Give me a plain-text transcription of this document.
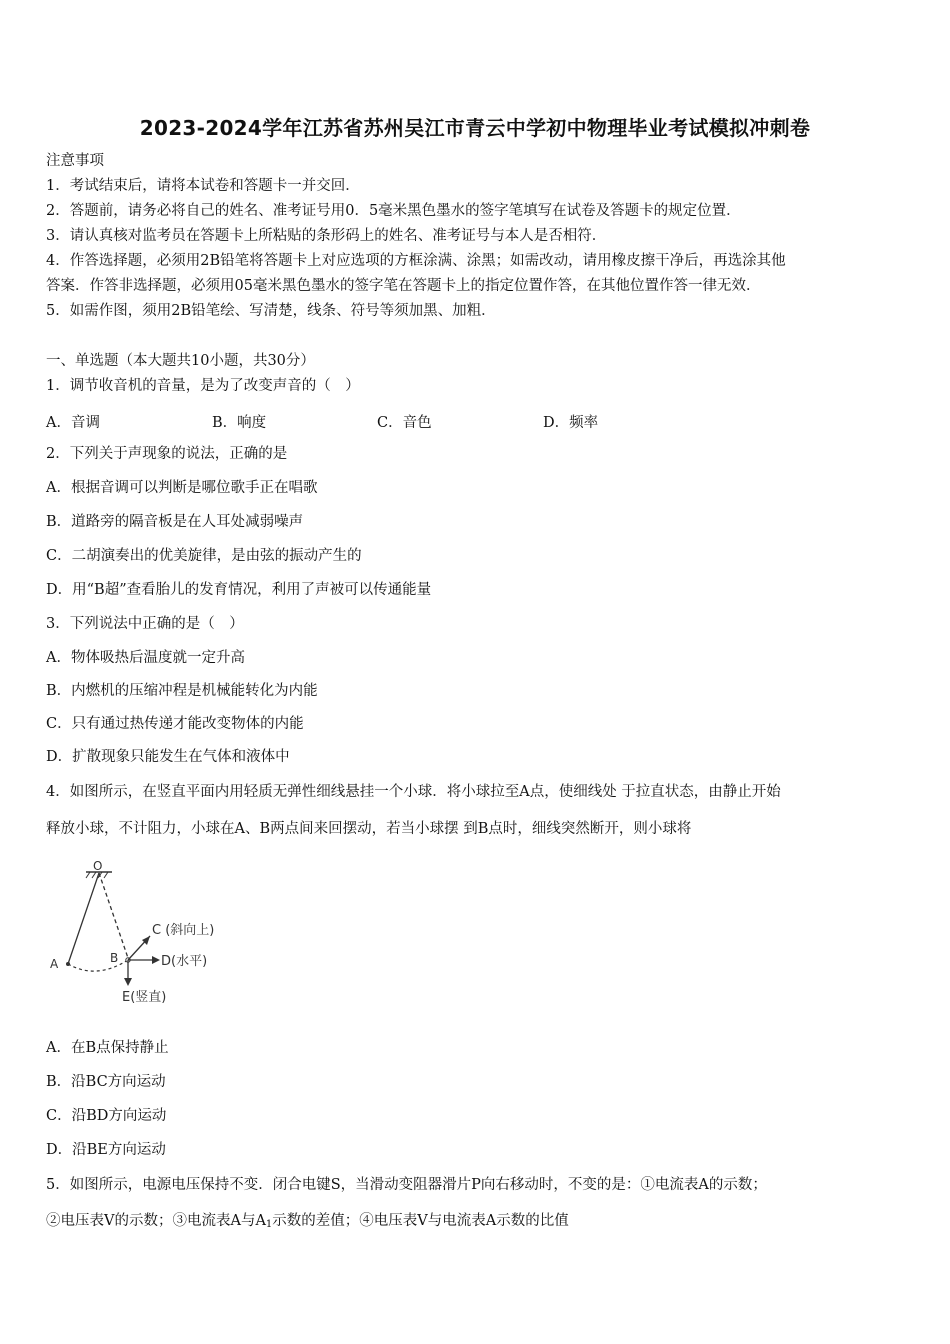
2023-2024学年江苏省苏州吴江市青云中学初中物理毕业考试模拟冲刺卷
注意事项
1．考试结束后，请将本试卷和答题卡一并交回．
2．答题前，请务必将自己的姓名、准考证号用0．5毫米黑色墨水的签字笔填写在试卷及答题卡的规定位置．
3．请认真核对监考员在答题卡上所粘贴的条形码上的姓名、准考证号与本人是否相符．
4．作答选择题，必须用2B铅笔将答题卡上对应选项的方框涂满、涂黑；如需改动，请用橡皮擦干净后，再选涂其他
答案．作答非选择题，必须用05毫米黑色墨水的签字笔在答题卡上的指定位置作答，在其他位置作答一律无效．
5．如需作图，须用2B铅笔绘、写清楚，线条、符号等须加黑、加粗．
一、单选题（本大题共10小题，共30分）
1．调节收音机的音量，是为了改变声音的（　）
A．音调	B．响度	C．音色	D．频率
2．下列关于声现象的说法，正确的是
A．根据音调可以判断是哪位歌手正在唱歌
B．道路旁的隔音板是在人耳处减弱噪声
C．二胡演奏出的优美旋律，是由弦的振动产生的
D．用“B超”查看胎儿的发育情况，利用了声被可以传通能量
3．下列说法中正确的是（　）
A．物体吸热后温度就一定升高
B．内燃机的压缩冲程是机械能转化为内能
C．只有通过热传递才能改变物体的内能
D．扩散现象只能发生在气体和液体中
4．如图所示，在竖直平面内用轻质无弹性细线悬挂一个小球．将小球拉至A点，使细线处 于拉直状态，由静止开始
释放小球，不计阻力，小球在A、B两点间来回摆动，若当小球摆 到B点时，细线突然断开，则小球将
O
A	B
C (斜向上)
D(水平)
E(竖直)
A．在B点保持静止
B．沿BC方向运动
C．沿BD方向运动
D．沿BE方向运动
5．如图所示，电源电压保持不变．闭合电键S，当滑动变阻器滑片P向右移动时，不变的是：①电流表A的示数；
②电压表V的示数；③电流表A与$A_1$示数的差值；④电压表V与电流表A示数的比值
